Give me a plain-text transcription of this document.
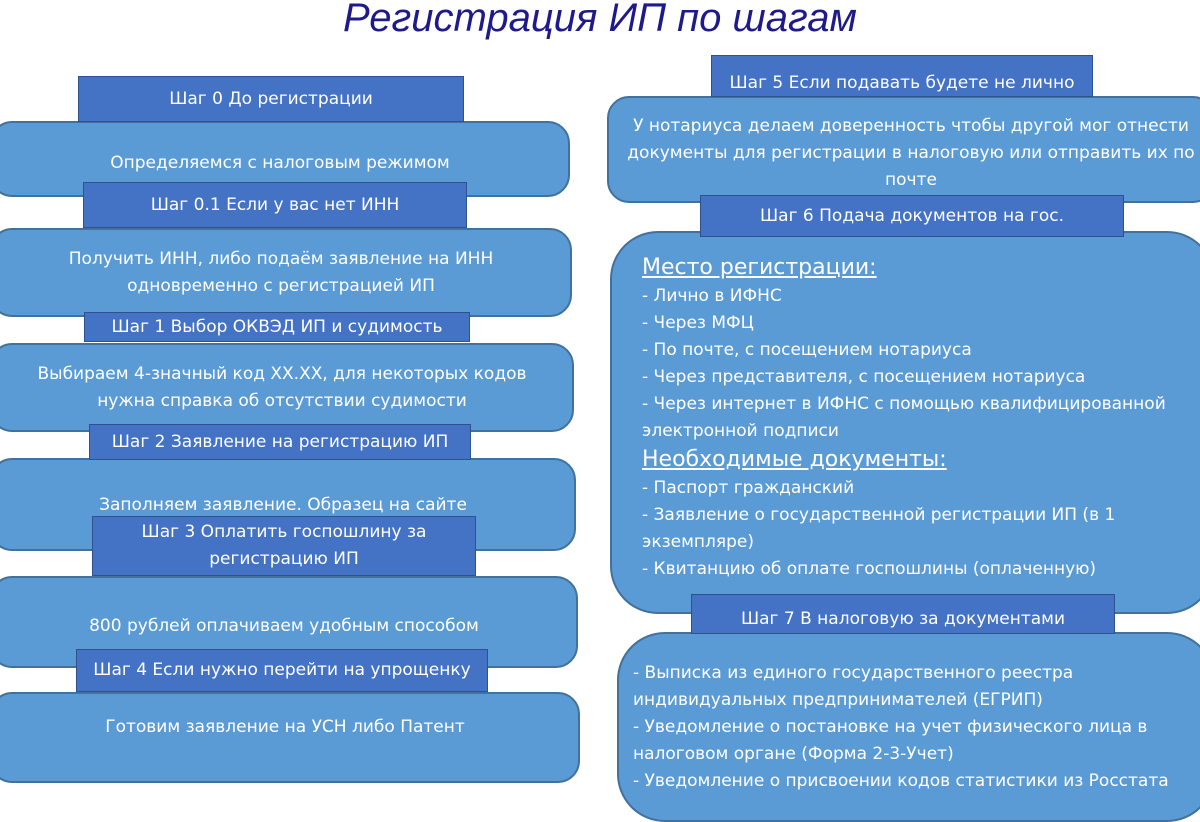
Регистрация ИП по шагам
Определяемся с налоговым режимом
Получить ИНН, либо подаём заявление на ИНН одновременно с регистрацией ИП
Выбираем 4-значный код XX.XX, для некоторых кодов нужна справка об отсутствии судимости
Заполняем заявление. Образец на сайте
800 рублей оплачиваем удобным способом
Готовим заявление на УСН либо Патент
Шаг 0 До регистрации
Шаг 0.1 Если у вас нет ИНН
Шаг 1 Выбор ОКВЭД ИП и судимость
Шаг 2 Заявление на регистрацию ИП
Шаг 3 Оплатить госпошлину за регистрацию ИП
Шаг 4 Если нужно перейти на упрощенку
У нотариуса делаем доверенность чтобы другой мог отнести документы для регистрации в налоговую или отправить их по почте
Место регистрации:
- Лично в ИФНС
- Через МФЦ
- По почте, с посещением нотариуса
- Через представителя, с посещением нотариуса
- Через интернет в ИФНС с помощью квалифицированной электронной подписи
Необходимые документы:
- Паспорт гражданский
- Заявление о государственной регистрации ИП (в 1 экземпляре)
- Квитанцию об оплате госпошлины (оплаченную)
- Выписка из единого государственного реестра индивидуальных предпринимателей (ЕГРИП)
- Уведомление о постановке на учет физического лица в налоговом органе (Форма 2-3-Учет)
- Уведомление о присвоении кодов статистики из Росстата
Шаг 5 Если подавать будете не лично
Шаг 6 Подача документов на гос.
Шаг 7 В налоговую за документами
